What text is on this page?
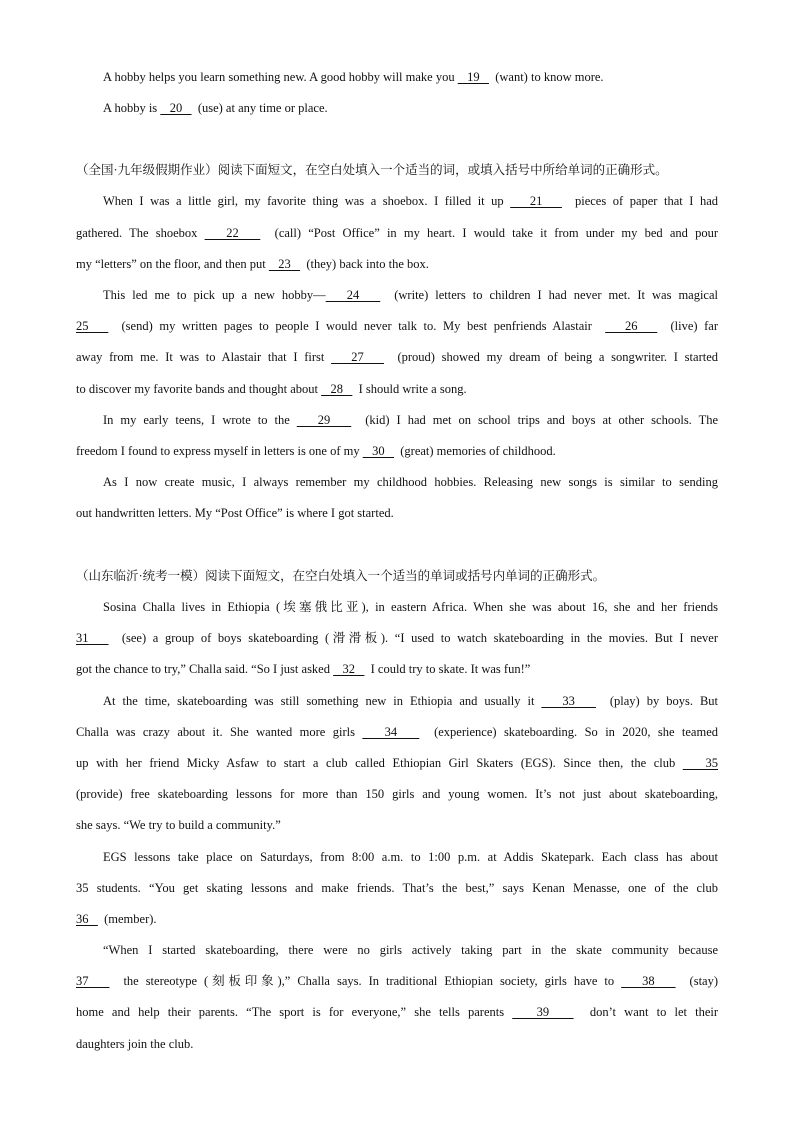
A hobby helps you learn something new. A good hobby will make you    19     (want) to know more.
A hobby is    20     (use) at any time or place.
（全国·九年级假期作业）阅读下面短文，在空白处填入一个适当的词，或填入括号中所给单词的正确形式。
When I was a little girl, my favorite thing was a shoebox. I filled it up    21     pieces of paper that I had
gathered. The shoebox    22     (call) “Post Office” in my heart. I would take it from under my bed and pour
my “letters” on the floor, and then put    23     (they) back into the box.
This led me to pick up a new hobby—   24     (write) letters to children I had never met. It was magical
25     (send) my written pages to people I would never talk to. My best penfriends Alastair     26     (live) far
away from me. It was to Alastair that I first    27     (proud) showed my dream of being a songwriter. I started
to discover my favorite bands and thought about    28     I should write a song.
In my early teens, I wrote to the    29     (kid) I had met on school trips and boys at other schools. The
freedom I found to express myself in letters is one of my    30     (great) memories of childhood.
As I now create music, I always remember my childhood hobbies. Releasing new songs is similar to sending
out handwritten letters. My “Post Office” is where I got started.
（山东临沂·统考一模）阅读下面短文，在空白处填入一个适当的单词或括号内单词的正确形式。
Sosina Challa lives in Ethiopia (埃塞俄比亚), in eastern Africa. When she was about 16, she and her friends
31     (see) a group of boys skateboarding (滑滑板). “I used to watch skateboarding in the movies. But I never
got the chance to try,” Challa said. “So I just asked    32     I could try to skate. It was fun!”
At the time, skateboarding was still something new in Ethiopia and usually it    33     (play) by boys. But
Challa was crazy about it. She wanted more girls    34     (experience) skateboarding. So in 2020, she teamed
up with her friend Micky Asfaw to start a club called Ethiopian Girl Skaters (EGS). Since then, the club    35
(provide) free skateboarding lessons for more than 150 girls and young women. It’s not just about skateboarding,
she says. “We try to build a community.”
EGS lessons take place on Saturdays, from 8:00 a.m. to 1:00 p.m. at Addis Skatepark. Each class has about
35 students. “You get skating lessons and make friends. That’s the best,” says Kenan Menasse, one of the club
36     (member).
“When I started skateboarding, there were no girls actively taking part in the skate community because
37     the stereotype (刻板印象),” Challa says. In traditional Ethiopian society, girls have to    38     (stay)
home and help their parents. “The sport is for everyone,” she tells parents    39     don’t want to let their
daughters join the club.
